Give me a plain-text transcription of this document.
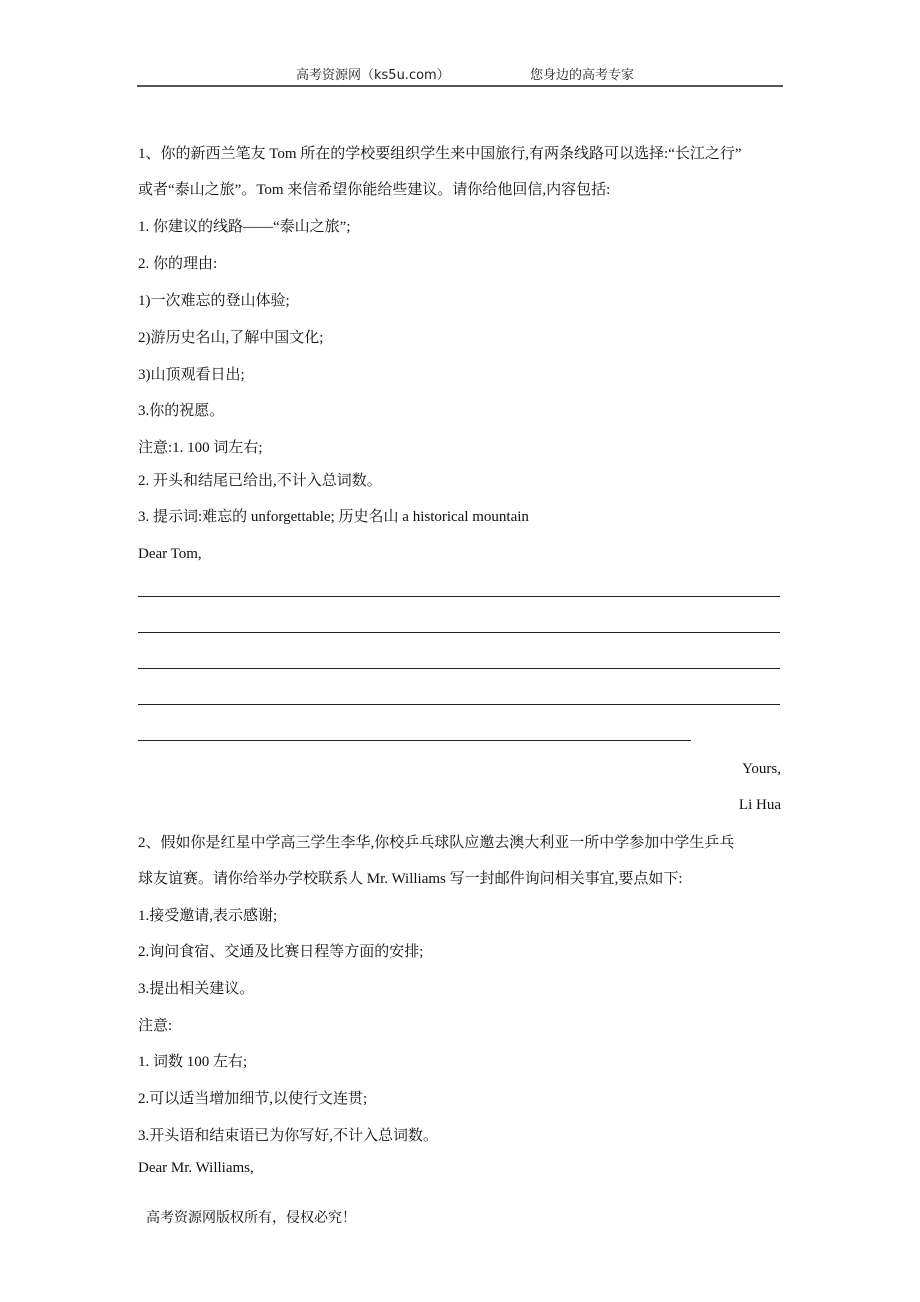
高考资源网（ks5u.com）	您身边的高考专家
1、你的新西兰笔友 Tom 所在的学校要组织学生来中国旅行,有两条线路可以选择:“长江之行”
或者“泰山之旅”。Tom 来信希望你能给些建议。请你给他回信,内容包括:
1. 你建议的线路——“泰山之旅”;
2. 你的理由:
1)一次难忘的登山体验;
2)游历史名山,了解中国文化;
3)山顶观看日出;
3.你的祝愿。
注意:1. 100 词左右;
2. 开头和结尾已给出,不计入总词数。
3. 提示词:难忘的 unforgettable; 历史名山 a historical mountain
Dear Tom,
Yours,
Li Hua
2、假如你是红星中学高三学生李华,你校乒乓球队应邀去澳大利亚一所中学参加中学生乒乓
球友谊赛。请你给举办学校联系人 Mr. Williams 写一封邮件询问相关事宜,要点如下:
1.接受邀请,表示感谢;
2.询问食宿、交通及比赛日程等方面的安排;
3.提出相关建议。
注意:
1. 词数 100 左右;
2.可以适当增加细节,以使行文连贯;
3.开头语和结束语已为你写好,不计入总词数。
Dear Mr. Williams,
高考资源网版权所有，侵权必究！
